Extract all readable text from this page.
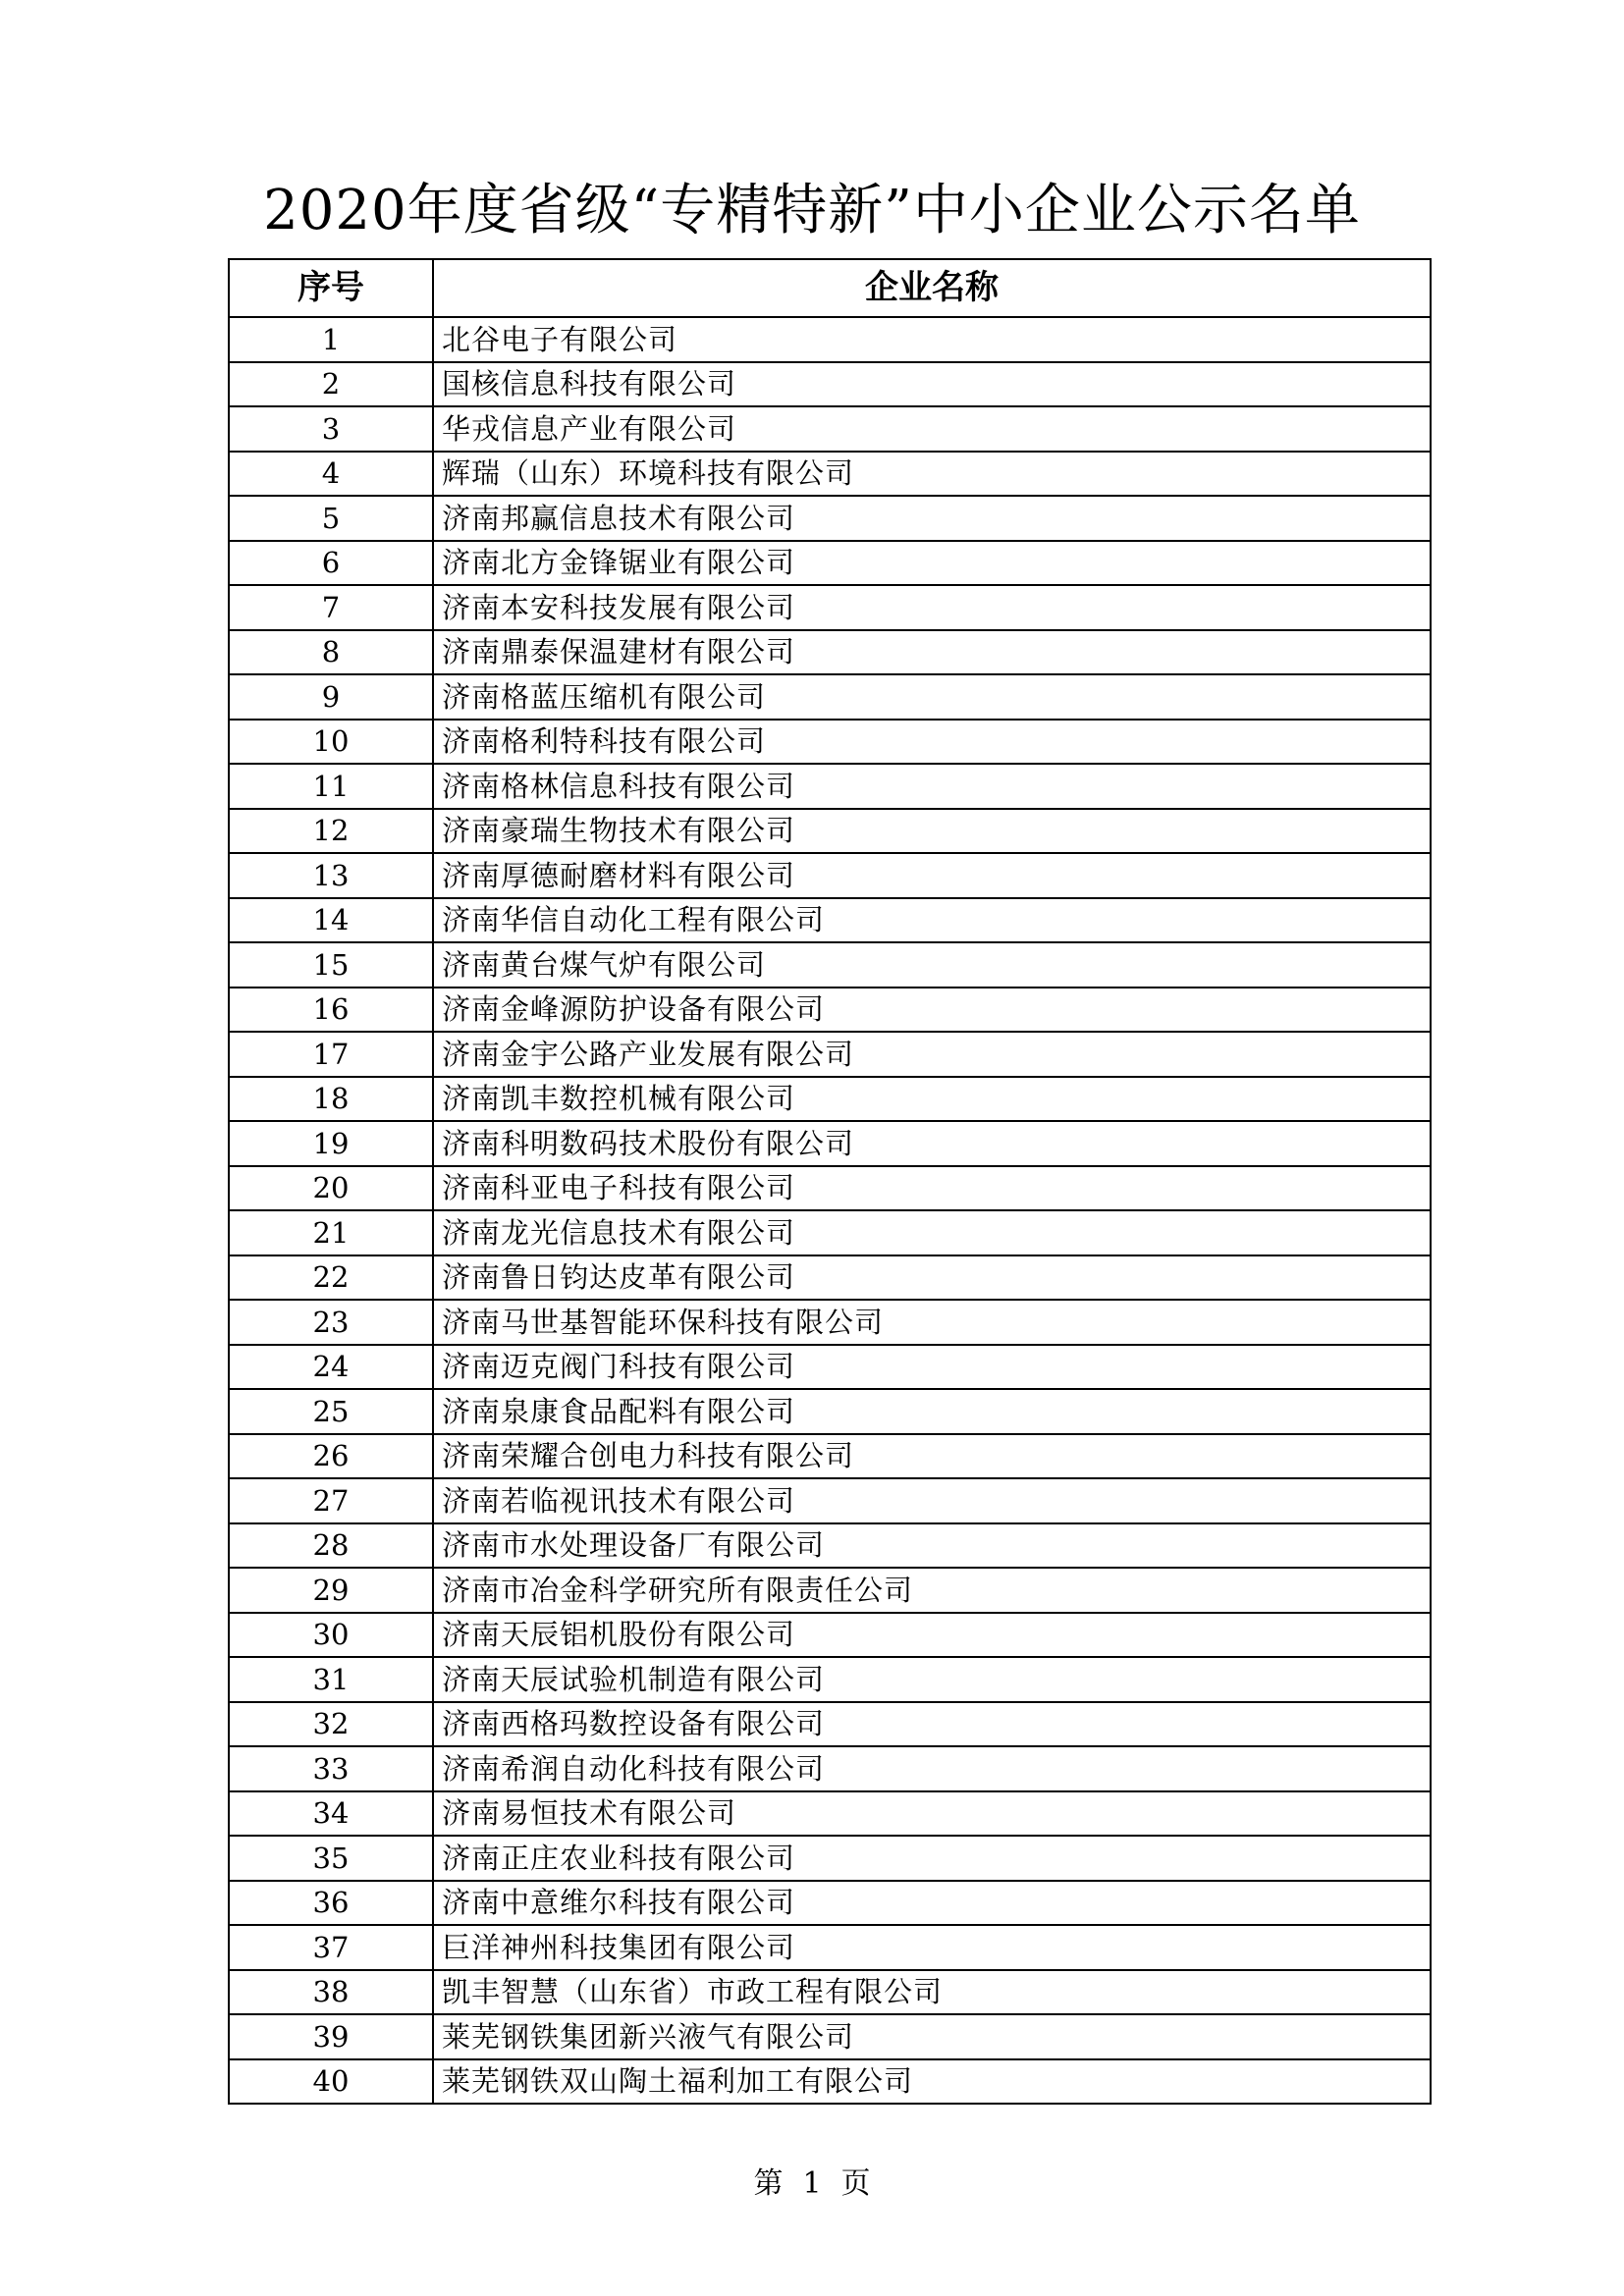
2020年度省级“专精特新”中小企业公示名单
序号	企业名称
1	北谷电子有限公司
2	国核信息科技有限公司
3	华戎信息产业有限公司
4	辉瑞（山东）环境科技有限公司
5	济南邦赢信息技术有限公司
6	济南北方金锋锯业有限公司
7	济南本安科技发展有限公司
8	济南鼎泰保温建材有限公司
9	济南格蓝压缩机有限公司
10	济南格利特科技有限公司
11	济南格林信息科技有限公司
12	济南豪瑞生物技术有限公司
13	济南厚德耐磨材料有限公司
14	济南华信自动化工程有限公司
15	济南黄台煤气炉有限公司
16	济南金峰源防护设备有限公司
17	济南金宇公路产业发展有限公司
18	济南凯丰数控机械有限公司
19	济南科明数码技术股份有限公司
20	济南科亚电子科技有限公司
21	济南龙光信息技术有限公司
22	济南鲁日钧达皮革有限公司
23	济南马世基智能环保科技有限公司
24	济南迈克阀门科技有限公司
25	济南泉康食品配料有限公司
26	济南荣耀合创电力科技有限公司
27	济南若临视讯技术有限公司
28	济南市水处理设备厂有限公司
29	济南市冶金科学研究所有限责任公司
30	济南天辰铝机股份有限公司
31	济南天辰试验机制造有限公司
32	济南西格玛数控设备有限公司
33	济南希润自动化科技有限公司
34	济南易恒技术有限公司
35	济南正庄农业科技有限公司
36	济南中意维尔科技有限公司
37	巨洋神州科技集团有限公司
38	凯丰智慧（山东省）市政工程有限公司
39	莱芜钢铁集团新兴液气有限公司
40	莱芜钢铁双山陶土福利加工有限公司
第 1 页
